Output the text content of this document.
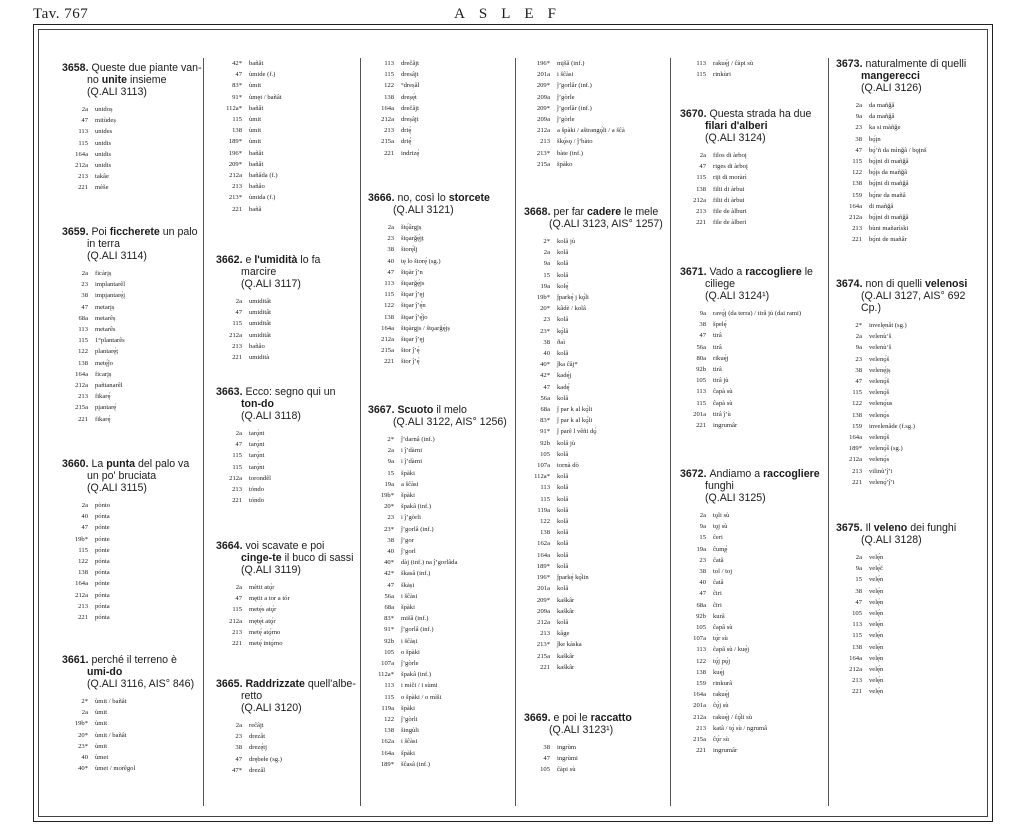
Tav. 767	ASLEF
3658. Queste due piante van-no unite insieme
(Q.ALI 3113)
2a	unidoș
47	mitùdeș
113	unides
115	unidis
164a	unidis
212a	unidis
213	takâe
221	mèše
3659. Poi ficcherete un palo in terra
(Q.ALI 3114)
2a	ficàrįș
23	implantarêl
38	impįantarę́į
47	metarįș
68a	metarêș
113	metarês
115	1°plantarês
122	plantarę́ț
138	metę́ĵo
164a	ficarįș
212a	pañtanarêl
213	fikarę́
215a	pįantarę́
221	fikarę́
3660. La punta del palo va un po' bruciata
(Q.ALI 3115)
2a	pònto
40	pónta
47	pónte
19b*	pónte
115	pónte
122	pónta
138	pónta
164a	pónte
212a	pónta
213	pónta
221	pónta
3661. perché il terreno è umi-do
(Q.ALI 3116, AIS° 846)
2*	ùmit / bañât
2a	ùmit
19b*	ùmit
20*	ùmit / bañât
23*	ùmit
40	ùmet
40*	ùmet / morêgol
42*	bañât
47	ùmide (f.)
83*	ùmit
91*	ùmęt / bañât
112a*	bañât
115	ùmit
138	ùmit
189*	ùmit
196*	bañât
209*	bañât
212a	bañâda (f.)
213	bañâo
213*	ùmida (f.)
221	bañâ
3662. e l'umidità lo fa marcire
(Q.ALI 3117)
2a	umiditât
47	umiditât
115	umiditât
212a	umiditât
213	bañâo
221	umidità
3663. Ecco: segno qui un ton-do
(Q.ALI 3118)
2a	tarǫ́nt
47	tarǫ́nt
115	tarǫ́nt
115	tarǫ́nt
212a	torondêl
213	tóndo
221	tóndo
3664. voi scavate e poi cinge-te il buco di sassi
(Q.ALI 3119)
2a	mètit atǫ́r
47	mętit a tor a tór
115	metę́s atǫ́r
212a	mętę́t atǫ́r
213	metę́ atǫ́rno
221	metę́ intǫ́rno
3665. Raddrizzate quell'albe-retto
(Q.ALI 3120)
2a	reĉâjt
23	drezât
38	drezę́tj
47	drębełe (sg.)
47*	drezâl
113	drečâjt
115	dresâjt
122	°dreșâl
138	dreșę́t
164a	drečâjt
212a	dreșâjt
213	drię́
215a	drię́
221	indrizę́
3666. no, così lo storcete
(Q.ALI 3121)
2a	štǫ́ârgjș
23	štǫarǧę́jț
38	štorę́lj
40	tę lo štorę́ (sg.)
47	štǫàr ĵ’n
113	štǫarǧę́js
115	štǫar ĵ’ęj
122	štǫar ĵ’ę́n
138	štǫar ĵ’ę́ĵo
164a	štǫàrgjs / štǫarǧę́jș
212a	štǫar ĵ’ęj
215a	štor ĵ’ę́
221	štor ĵ’ę́
3667. Scuoto il melo
(Q.ALI 3122, AIS° 1256)
2*	ĵ’darnâ (inf.)
2a	i ĵ’dàrni
9a	i ĵ’dàrni
15	špàki
19a	a šĉàsi
19b*	špàki
20*	špakâ (inf.)
23	i ĵ’gòrli
23*	ĵ’gorlâ (inf.)
38	ĵ’gor
40	ĵ’gorl
40*	dàj (inf.) na ĵ’gorlâda
42*	škasâ (inf.)
47	škàși
56a	i šĉàsi
68a	špàki
83*	mišâ (inf.)
91*	ĵ’gorlâ (inf.)
92b	i šĉàși
105	o špàki
107a	ĵ’gòrle
112a*	špakâ (inf.)
113	i mìči / i sùmi
115	o špàki / o mìši
119a	špàki
122	ĵ’gòrli
138	šingùli
162a	i šĉàsi
164a	špàki
189*	šĉasâ (inf.)
196*	mįšâ (inf.)
201a	i šĉàsi
209*	ĵ’gorlâr (inf.)
209a	ĵ’gòrle
209*	ĵ’gorlâr (inf.)
209a	ĵ’gòrle
212a	a špàki / aštrangǫ́li / a šĉà
213	škǫ́sǫ / ĵ’bàto
213*	bàte (inf.)
215a	špàko
3668. per far cadere le mele
(Q.ALI 3123, AIS° 1257)
2*	kolâ jù
2a	kolâ
9a	kolâ
15	kolâ
19a	kolę́
19b*	ĵparkę́ j kǫ́li
20*	kâdè / kolâ
23	kolâ
23*	kǫ́lâ
38	ðaì
40	kolâ
40*	ĵka ĉâj*
42*	kadę́j
47	kadę́
56a	kolâ
68a	ĵ par k al kǫ́li
83*	ĵ par k al kǫ́li
91*	ĵ parê l vêñi dǫ́
92b	kolâ jù
105	kolâ
107a	tornà dò
112a*	kolâ
113	kolâ
115	kolâ
119a	kolâ
122	kolâ
138	kolâ
162a	kolâ
164a	kolâ
189*	kolâ
196*	ĵparkę́ kǫ́lin
201a	kolâ
209*	kaškâr
209a	kaškâr
212a	kolâ
213	kâge
213*	ĵke kàska
215a	kaškâr
221	kaškâr
3669. e poi le raccatto
(Q.ALI 3123¹)
38	ingrùm
47	ingrùmi
105	ĉàpi sù
113	rakuę́j / ĉàpi sù
115	rinkùri
3670. Questa strada ha due filari d'alberi
(Q.ALI 3124)
2a	filos di àrboį
47	riges di àrboį
115	riįi di moràrì
138	filii di àrbui
212a	filii di àrbui
213	file de àlburi
221	file de àlberi
3671. Vado a raccogliere le ciliege
(Q.ALI 3124¹)
9a	ravǫ́j (da terra) / tirâ jù (dai rami)
38	špelę́
47	tirâ
56a	tirâ
80a	rikuę́j
92b	tirâ
105	tirâ jù
113	ĉapà sù
115	ĉapà sù
201a	tirâ ĵ’ù
221	ingrumâr
3672. Andiamo a raccogliere funghi
(Q.ALI 3125)
2a	tǫli sù
9a	tǫj sù
15	ĉeri
19a	ĉum̧ę́
23	ĉatâ
38	tol / toj
40	ĉatâ
47	ĉiri
68a	ĉiri
92b	kurâ
105	ĉapâ sù
107a	tǫ́r sù
113	ĉapâ sù / kuę́j
122	tǫ́j pǫ́j
138	kuę́j
159	rinkurâ
164a	rakuę́j
201a	ĉǫ́j sù
212a	rakuę́j / ĉǫ́li sù
213	katâ / tǫ́ sù / ngrumâ
215a	ĉǫ́r sù
221	ingrumâr
3673. naturalmente di quelli mangerecci
(Q.ALI 3126)
2a	da mañǧâ
9a	da mañǧâ
23	ka si màñǧe
38	bǫ́įn
47	bǫ́’ñ da mìnǧâ / bǫįnš
115	bǫ́įni di mañǧâ
122	bǫ́įs da mañǧâ
138	bǫ́įni di mañǧâ
159	bǫ́ne da mañâ
164a	di mañǧâ
212a	bǫ́įni di mañǧâ
213	bùni mañarìski
221	bǫ́ni de mañâr
3674. non di quelli velenosi
(Q.ALI 3127, AIS° 692 Cp.)
2*	invelęnât (sg.)
2a	velenù’š
9a	velenù’š
23	velenǫ́š
38	velenę́įș
47	velenǫ́š
115	velenǫ́š
122	velenǫ́us
138	velenǫ́s
159	invelenâde (f.sg.)
164a	velenǫ́š
189*	velenǫ́ŝ (sg.)
212a	velenǫ́s
213	vilinù’ĵ’i
221	velenǫ́’ĵ’i
3675. Il veleno dei funghi
(Q.ALI 3128)
2a	velę́n
9a	velę́č
15	velę́n
38	velę́n
47	velę́n
105	velę́n
113	velę́n
115	velę́n
138	velę́n
164a	velę́n
212a	velę́n
213	velę́n
221	velę́n
